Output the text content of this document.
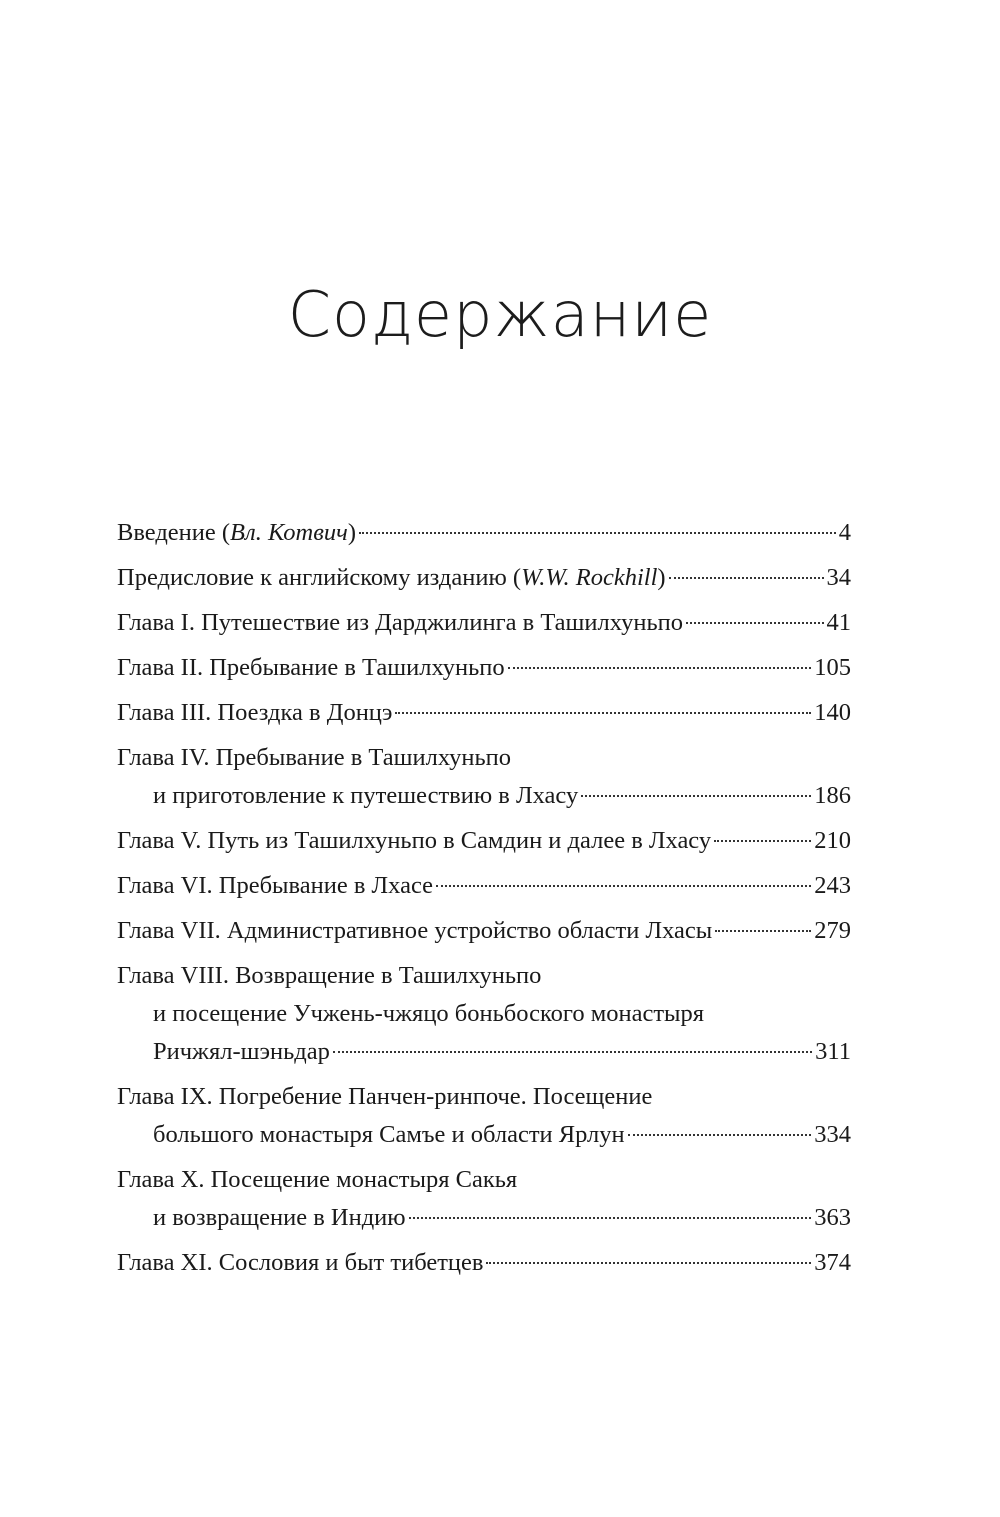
Содержание
Введение (Вл. Котвич)	4
Предисловие к английскому изданию (W.W. Rockhill)	34
Глава I. Путешествие из Дарджилинга в Ташилхуньпо	41
Глава II. Пребывание в Ташилхуньпо	105
Глава III. Поездка в Донцэ	140
Глава IV. Пребывание в Ташилхуньпо
и приготовление к путешествию в Лхасу	186
Глава V. Путь из Ташилхуньпо в Самдин и далее в Лхасу	210
Глава VI. Пребывание в Лхасе	243
Глава VII. Административное устройство области Лхасы	279
Глава VIII. Возвращение в Ташилхуньпо
и посещение Учжень-чжяцо боньбоского монастыря
Ричжял-шэньдар	311
Глава IX. Погребение Панчен-ринпоче. Посещение
большого монастыря Самъе и области Ярлун	334
Глава X. Посещение монастыря Сакья
и возвращение в Индию	363
Глава XI. Сословия и быт тибетцев	374
